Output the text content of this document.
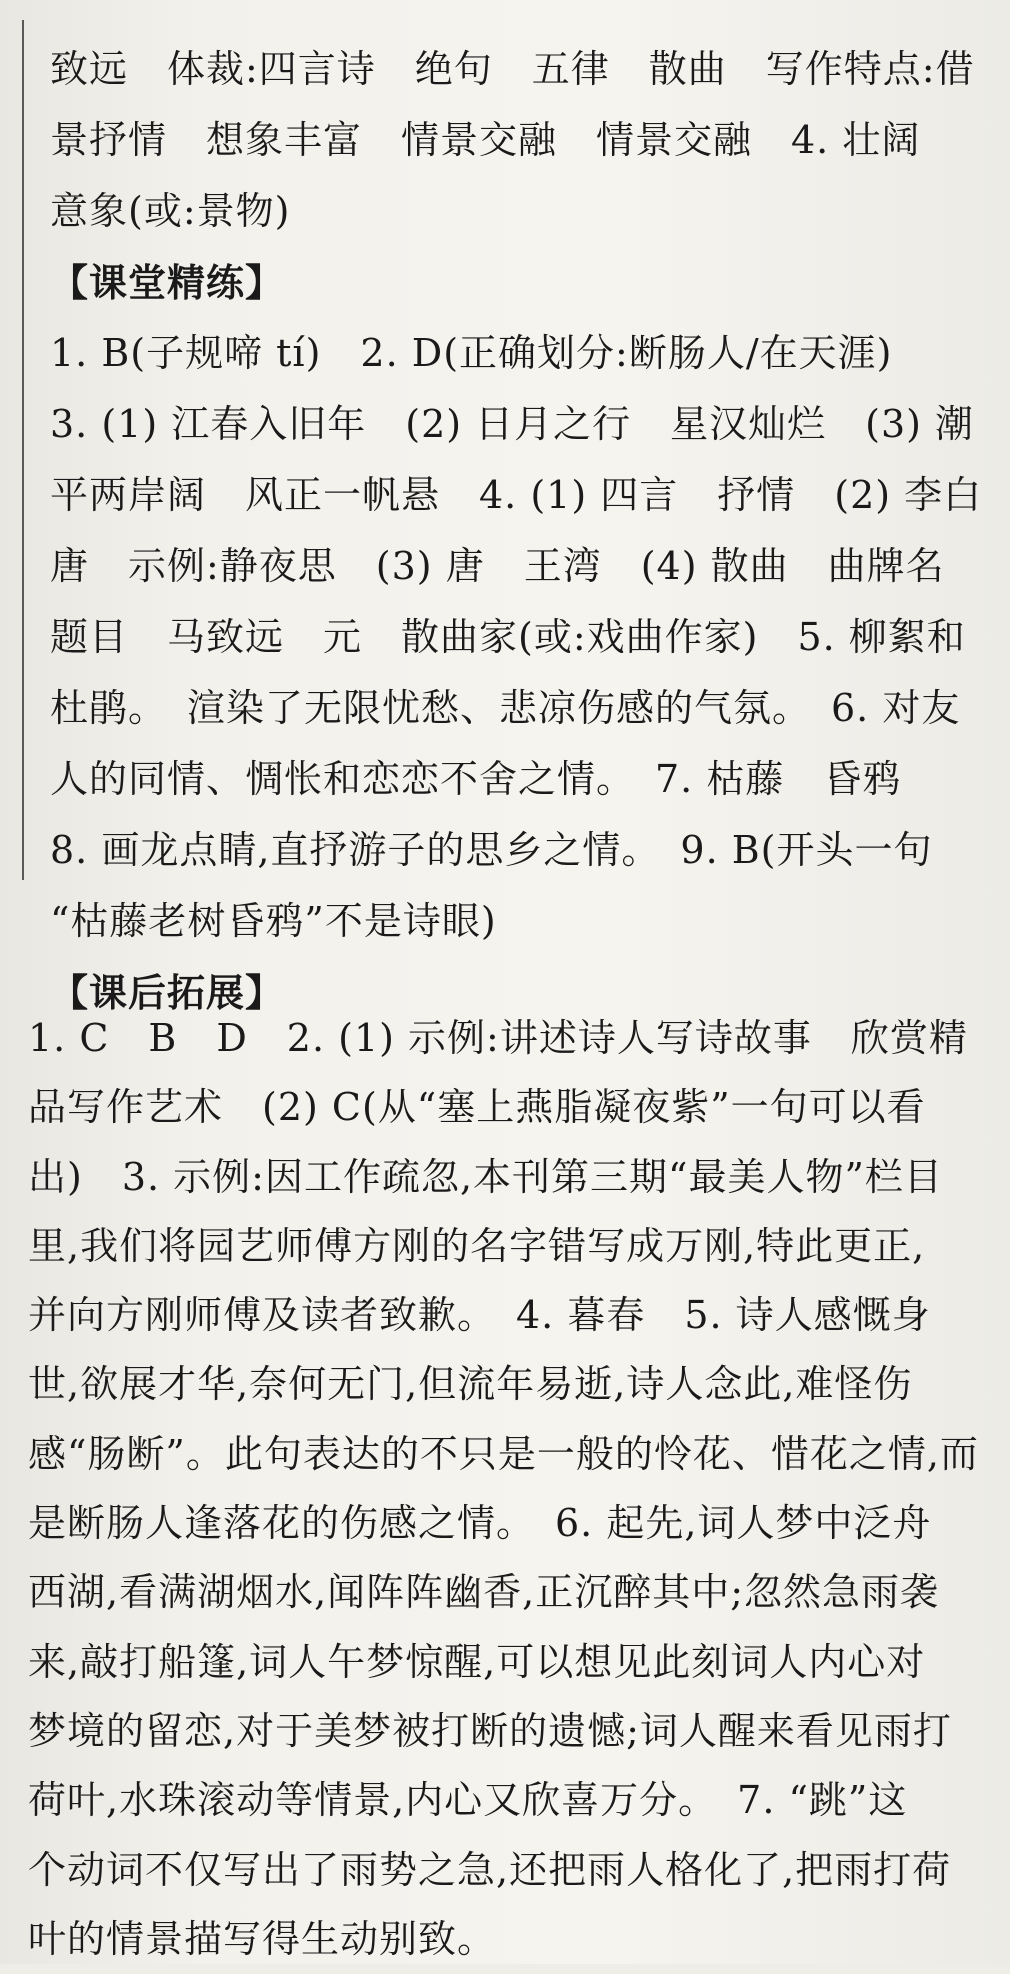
致远　体裁:四言诗　绝句　五律　散曲　写作特点:借
景抒情　想象丰富　情景交融　情景交融　4. 壮阔
意象(或:景物)
【课堂精练】
1. B(子规啼 tí)　2. D(正确划分:断肠人/在天涯)
3. (1) 江春入旧年　(2) 日月之行　星汉灿烂　(3) 潮
平两岸阔　风正一帆悬　4. (1) 四言　抒情　(2) 李白
唐　示例:静夜思　(3) 唐　王湾　(4) 散曲　曲牌名
题目　马致远　元　散曲家(或:戏曲作家)　5. 柳絮和
杜鹃。　渲染了无限忧愁、悲凉伤感的气氛。　6. 对友
人的同情、惆怅和恋恋不舍之情。　7. 枯藤　昏鸦
8. 画龙点睛,直抒游子的思乡之情。　9. B(开头一句
“枯藤老树昏鸦”不是诗眼)
【课后拓展】
1. C　B　D　2. (1) 示例:讲述诗人写诗故事　欣赏精
品写作艺术　(2) C(从“塞上燕脂凝夜紫”一句可以看
出)　3. 示例:因工作疏忽,本刊第三期“最美人物”栏目
里,我们将园艺师傅方刚的名字错写成万刚,特此更正,
并向方刚师傅及读者致歉。　4. 暮春　5. 诗人感慨身
世,欲展才华,奈何无门,但流年易逝,诗人念此,难怪伤
感“肠断”。此句表达的不只是一般的怜花、惜花之情,而
是断肠人逢落花的伤感之情。　6. 起先,词人梦中泛舟
西湖,看满湖烟水,闻阵阵幽香,正沉醉其中;忽然急雨袭
来,敲打船篷,词人午梦惊醒,可以想见此刻词人内心对
梦境的留恋,对于美梦被打断的遗憾;词人醒来看见雨打
荷叶,水珠滚动等情景,内心又欣喜万分。　7. “跳”这
个动词不仅写出了雨势之急,还把雨人格化了,把雨打荷
叶的情景描写得生动别致。
